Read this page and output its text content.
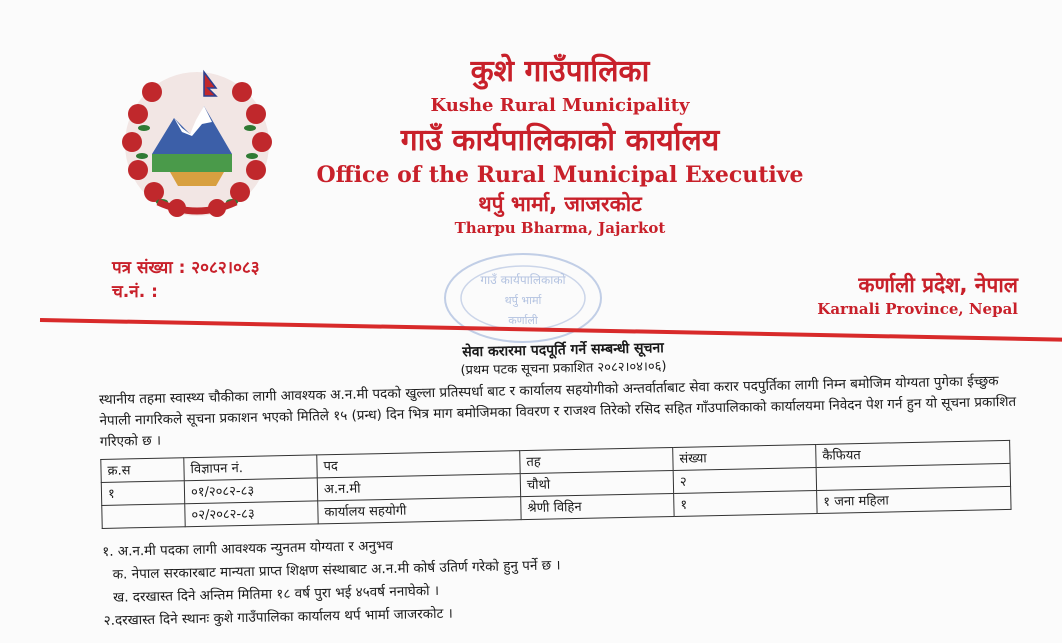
कुशे गाउँपालिका
Kushe Rural Municipality
गाउँ कार्यपालिकाको कार्यालय
Office of the Rural Municipal Executive
थर्पु भार्मा, जाजरकोट
Tharpu Bharma, Jajarkot
गाउँ कार्यपालिकाको
थर्पु भार्मा
कर्णाली
पत्र संख्या : २०८२।०८३
च.नं. :	कर्णाली प्रदेश, नेपाल
Karnali Province, Nepal
सेवा करारमा पदपूर्ति गर्ने सम्बन्धी सूचना
(प्रथम पटक सूचना प्रकाशित २०८२।०४।०६)
स्थानीय तहमा स्वास्थ्य चौकीका लागी आवश्यक अ.न.मी पदको खुल्ला प्रतिस्पर्धा बाट र कार्यालय सहयोगीको अन्तर्वार्ताबाट सेवा करार पदपुर्तिका लागी निम्न बमोजिम योग्यता पुगेका ईच्छुक नेपाली नागरिकले सूचना प्रकाशन भएको मितिले १५ (प्रन्ध) दिन भित्र माग बमोजिमका विवरण र राजश्व तिरेको रसिद सहित गाँउपालिकाको कार्यालयमा निवेदन पेश गर्न हुन यो सूचना प्रकाशित गरिएको छ ।
क्र.स	विज्ञापन नं.	पद	तह	संख्या	कैफियत
१	०१/२०८२-८३	अ.न.मी	चौथो	२	
	०२/२०८२-८३	कार्यालय सहयोगी	श्रेणी विहिन	१	१ जना महिला
१. अ.न.मी पदका लागी आवश्यक न्युनतम योग्यता र अनुभव
क. नेपाल सरकारबाट मान्यता प्राप्त शिक्षण संस्थाबाट अ.न.मी कोर्ष उतिर्ण गरेको हुनु पर्ने छ ।
ख. दरखास्त दिने अन्तिम मितिमा १८ वर्ष पुरा भई ४५वर्ष ननाघेको ।
२.दरखास्त दिने स्थानः कुशे गाउँपालिका कार्यालय थर्प भार्मा जाजरकोट ।
